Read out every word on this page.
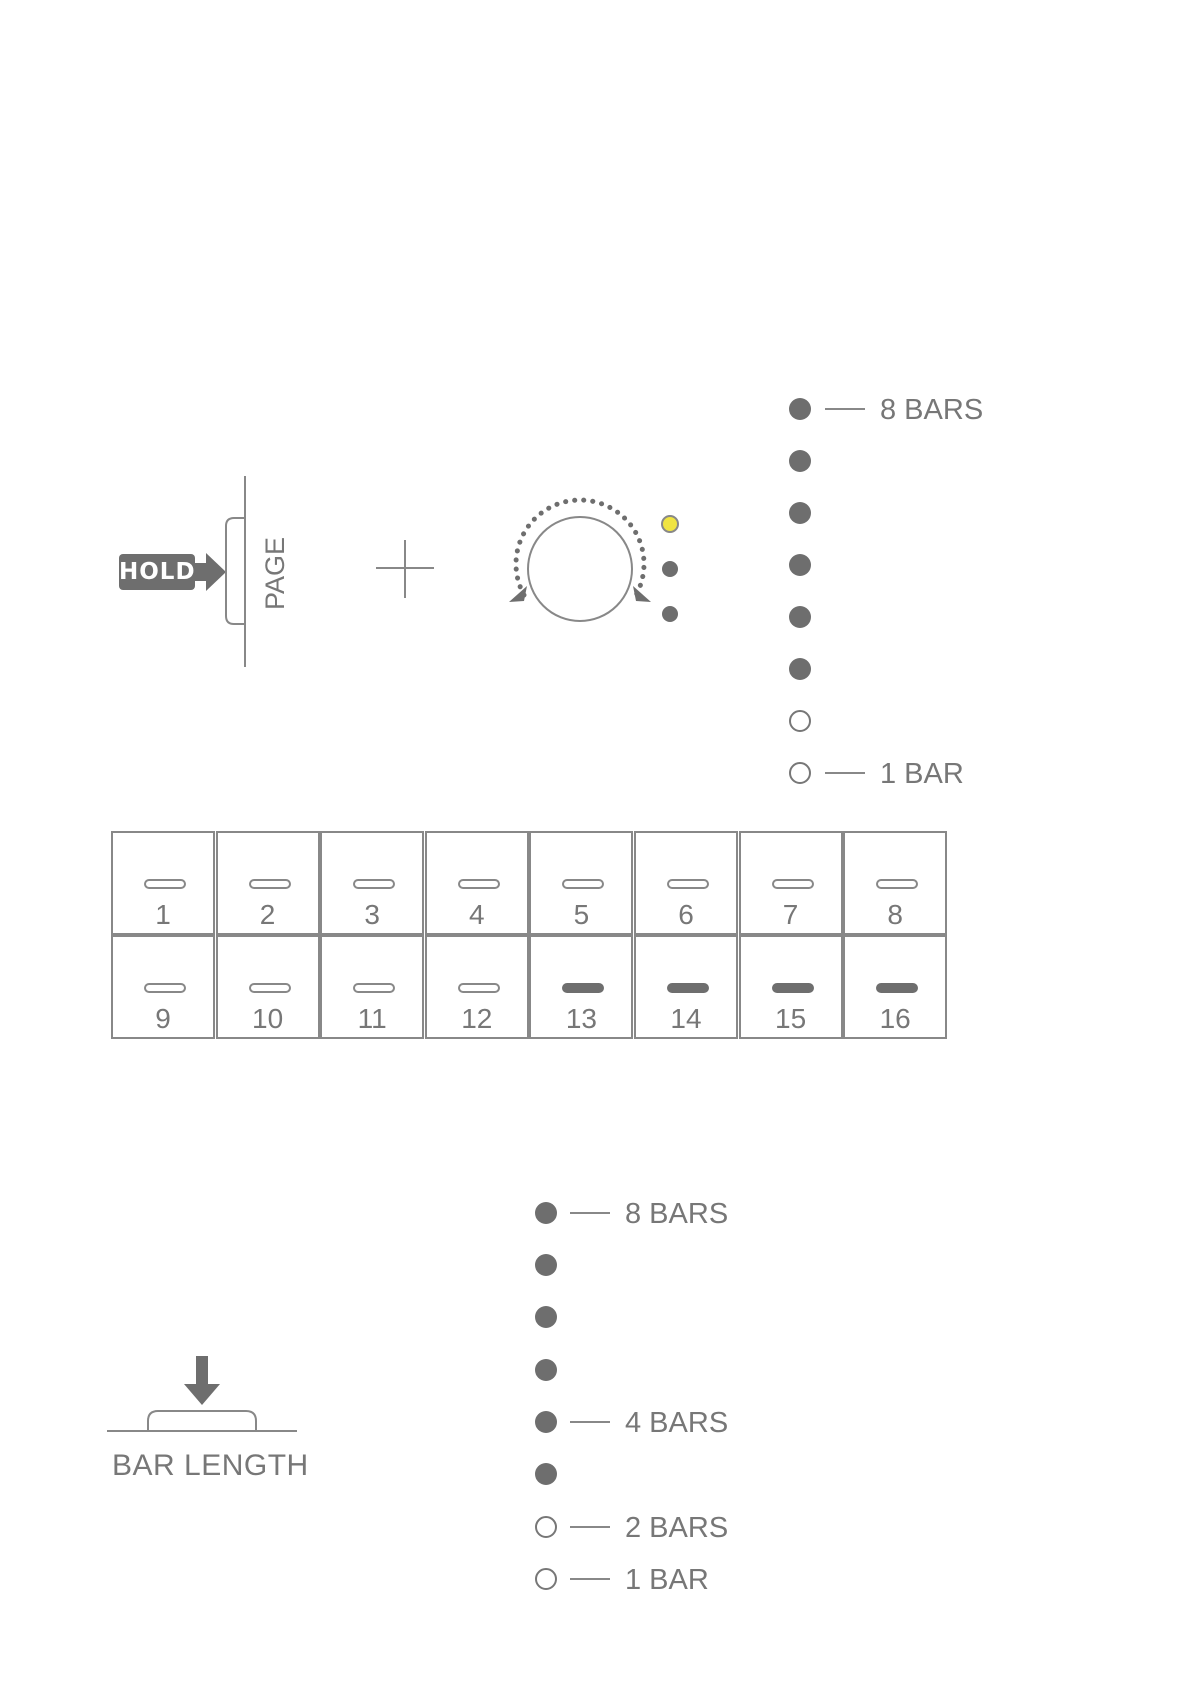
HOLD PAGE
8 BARS
1 BAR
1	2	3	4	5	6	7	8
9	10	11	12	13	14	15	16
BAR LENGTH
8 BARS
4 BARS
2 BARS
1 BAR
